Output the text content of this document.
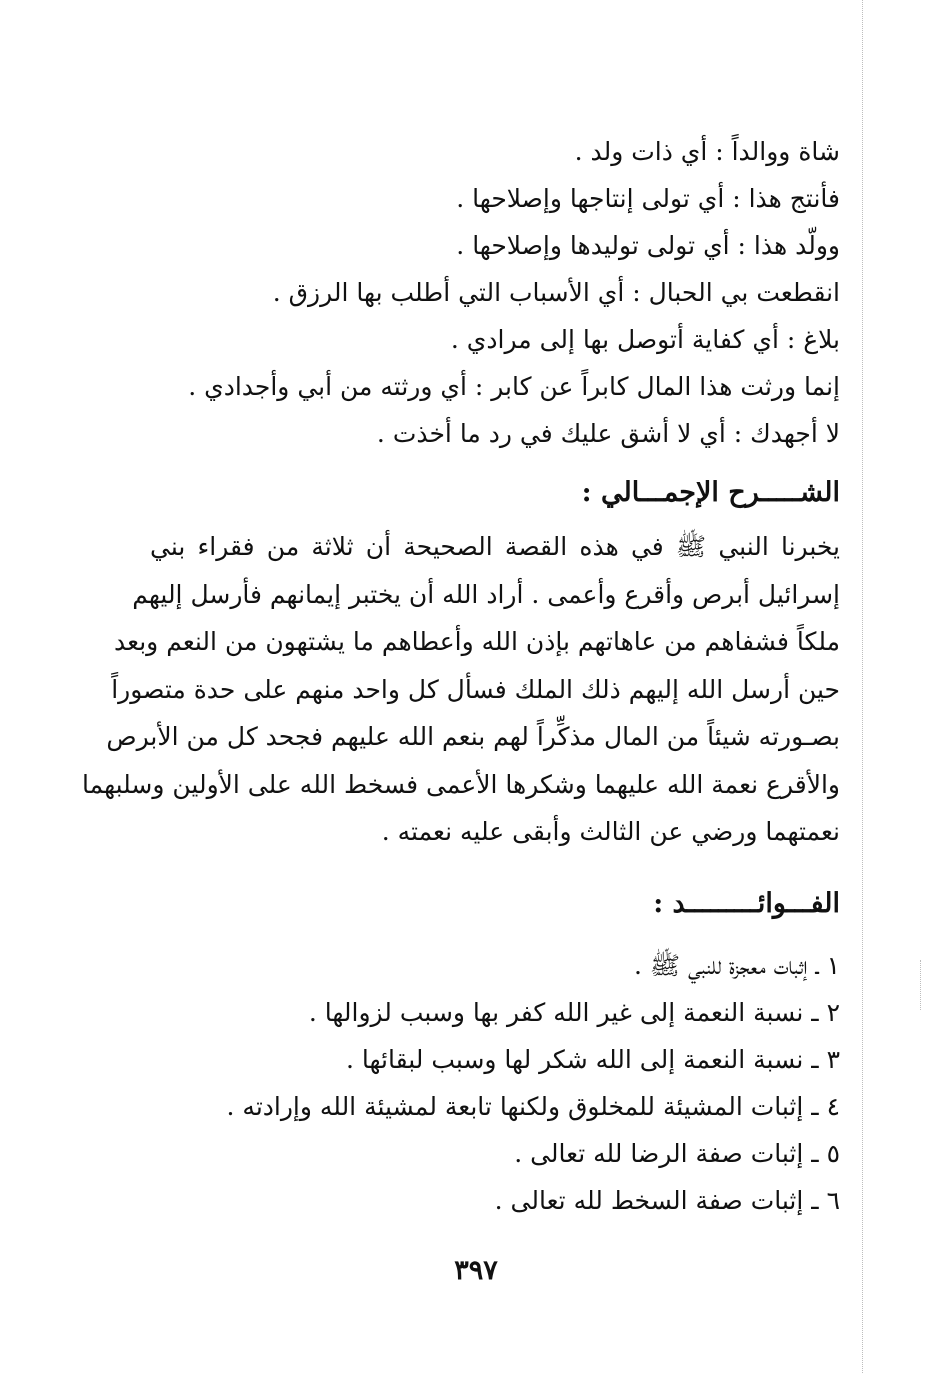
شاة ووالداً : أي ذات ولد .
فأنتج هذا : أي تولى إنتاجها وإصلاحها .
وولّد هذا : أي تولى توليدها وإصلاحها .
انقطعت بي الحبال : أي الأسباب التي أطلب بها الرزق .
بلاغ : أي كفاية أتوصل بها إلى مرادي .
إنما ورثت هذا المال كابراً عن كابر : أي ورثته من أبي وأجدادي .
لا أجهدك : أي لا أشق عليك في رد ما أخذت .
الشـــــرح الإجمـــالي :

يخبرنا النبي ﷺ في هذه القصة الصحيحة أن ثلاثة من فقراء بني
إسرائيل أبرص وأقرع وأعمى . أراد الله أن يختبر إيمانهم فأرسل إليهم
ملكاً فشفاهم من عاهاتهم بإذن الله وأعطاهم ما يشتهون من النعم وبعد
حين أرسل الله إليهم ذلك الملك فسأل كل واحد منهم على حدة متصوراً
بصـورته شيئاً من المال مذكِّراً لهم بنعم الله عليهم فجحد كل من الأبرص
والأقرع نعمة الله عليهما وشكرها الأعمى فسخط الله على الأولين وسلبهما
نعمتهما ورضي عن الثالث وأبقى عليه نعمته .

الفـــوائـــــــــد :
١ ـ إثبات معجزة للنبي ﷺ .
٢ ـ نسبة النعمة إلى غير الله كفر بها وسبب لزوالها .
٣ ـ نسبة النعمة إلى الله شكر لها وسبب لبقائها .
٤ ـ إثبات المشيئة للمخلوق ولكنها تابعة لمشيئة الله وإرادته .
٥ ـ إثبات صفة الرضا لله تعالى .
٦ ـ إثبات صفة السخط لله تعالى .
٣٩٧
